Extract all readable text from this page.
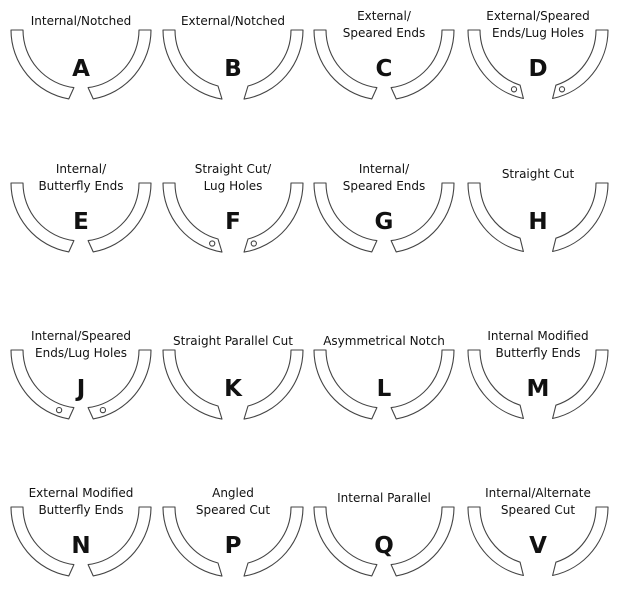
Internal/Notched
A
External/Notched
B
External/
Speared Ends
C
External/Speared
Ends/Lug Holes
D
Internal/
Butterfly Ends
E
Straight Cut/
Lug Holes
F
Internal/
Speared Ends
G
Straight Cut
H
Internal/Speared
Ends/Lug Holes
J
Straight Parallel Cut
K
Asymmetrical Notch
L
Internal Modified
Butterfly Ends
M
External Modified
Butterfly Ends
N
Angled
Speared Cut
P
Internal Parallel
Q
Internal/Alternate
Speared Cut
V
